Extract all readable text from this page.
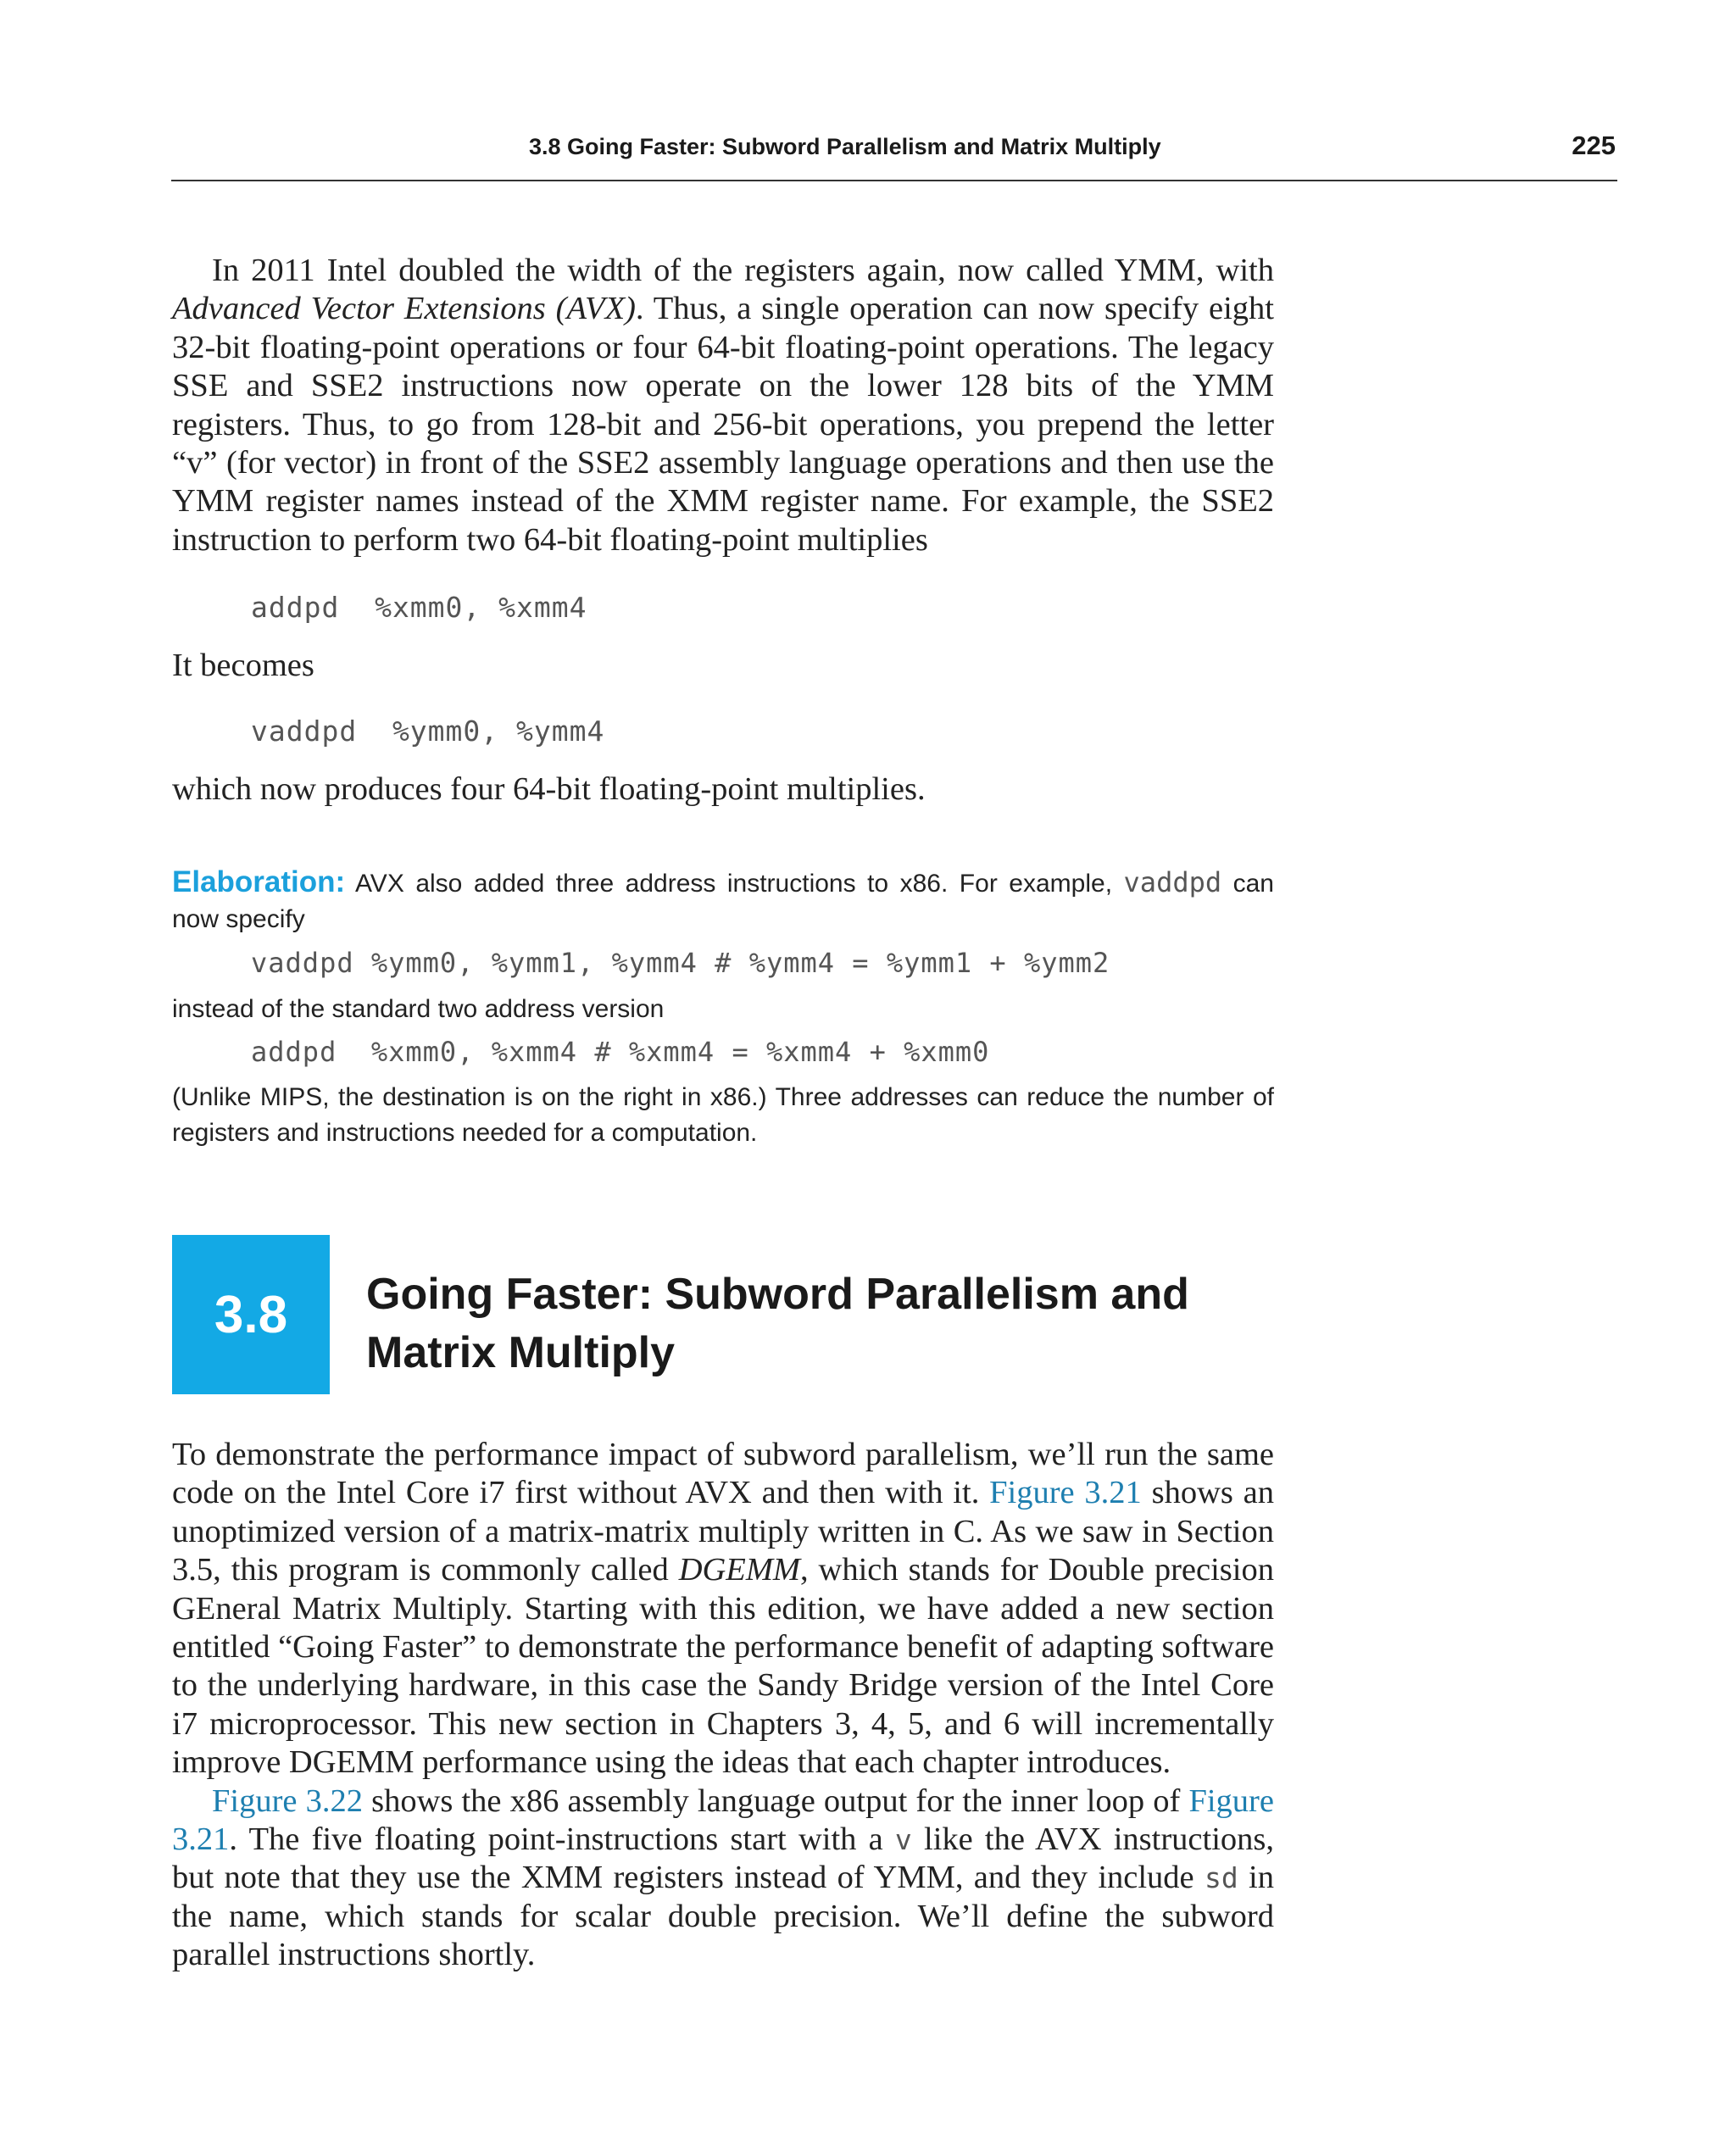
3.8 Going Faster: Subword Parallelism and Matrix Multiply	225

In 2011 Intel doubled the width of the registers again, now called YMM, with Advanced Vector Extensions (AVX). Thus, a single operation can now specify eight 32-bit floating-point operations or four 64-bit floating-point operations. The legacy SSE and SSE2 instructions now operate on the lower 128 bits of the YMM registers. Thus, to go from 128-bit and 256-bit operations, you prepend the letter “v” (for vector) in front of the SSE2 assembly language operations and then use the YMM register names instead of the XMM register name. For example, the SSE2 instruction to perform two 64-bit floating-point multiplies

addpd  %xmm0, %xmm4
It becomes
vaddpd  %ymm0, %ymm4
which now produces four 64-bit floating-point multiplies.

Elaboration: AVX also added three address instructions to x86. For example, vaddpd can now specify

vaddpd %ymm0, %ymm1, %ymm4 # %ymm4 = %ymm1 + %ymm2
instead of the standard two address version
addpd  %xmm0, %xmm4 # %xmm4 = %xmm4 + %xmm0

(Unlike MIPS, the destination is on the right in x86.) Three addresses can reduce the number of registers and instructions needed for a computation.

3.8	Going Faster: Subword Parallelism and
Matrix Multiply

To demonstrate the performance impact of subword parallelism, we’ll run the same code on the Intel Core i7 first without AVX and then with it. Figure 3.21 shows an unoptimized version of a matrix-matrix multiply written in C. As we saw in Section 3.5, this program is commonly called DGEMM, which stands for Double precision GEneral Matrix Multiply. Starting with this edition, we have added a new section entitled “Going Faster” to demonstrate the performance benefit of adapting software to the underlying hardware, in this case the Sandy Bridge version of the Intel Core i7 microprocessor. This new section in Chapters 3, 4, 5, and 6 will incrementally improve DGEMM performance using the ideas that each chapter introduces.

Figure 3.22 shows the x86 assembly language output for the inner loop of Figure 3.21. The five floating point-instructions start with a v like the AVX instructions, but note that they use the XMM registers instead of YMM, and they include sd in the name, which stands for scalar double precision. We’ll define the subword parallel instructions shortly.
